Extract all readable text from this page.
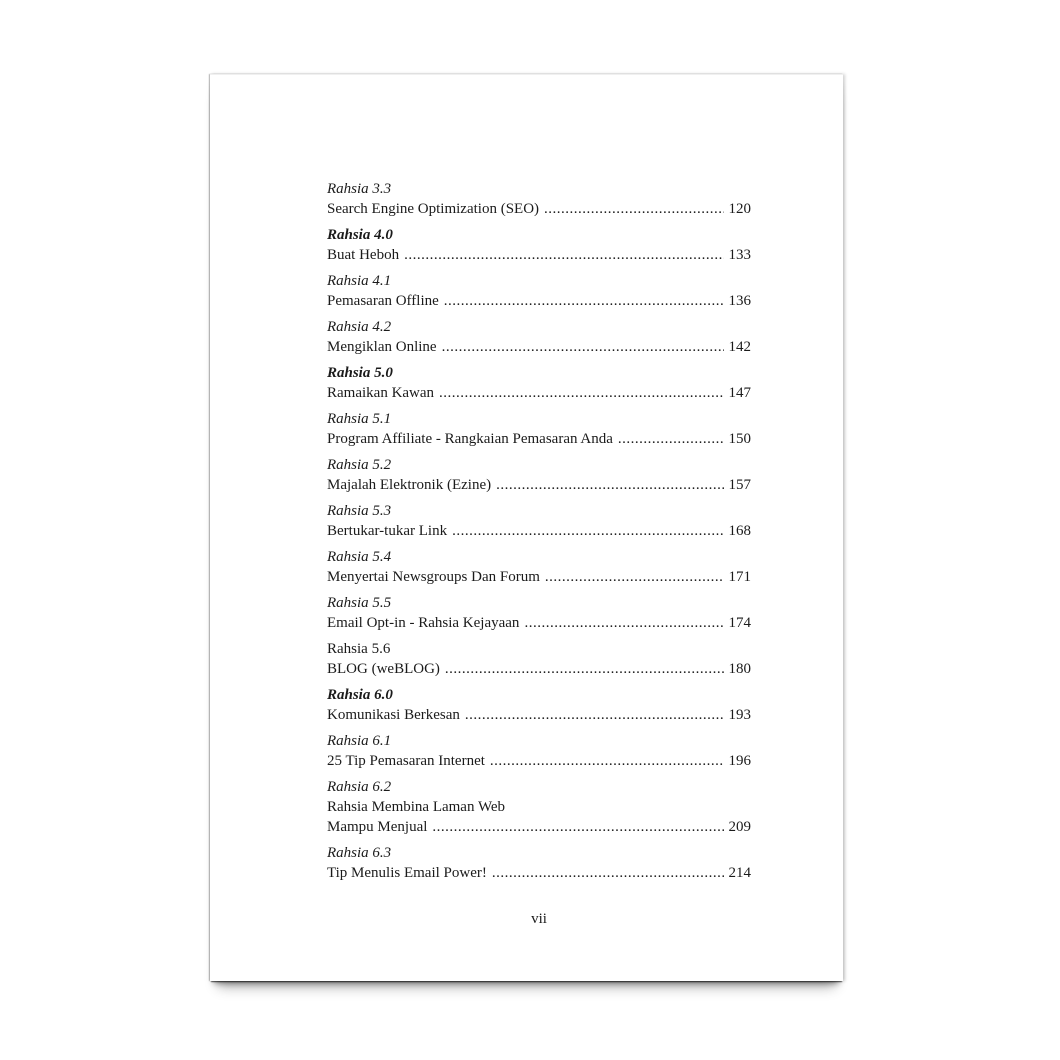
Rahsia 3.3
Search Engine Optimization (SEO) .....	120
Rahsia 4.0
Buat Heboh .....	133
Rahsia 4.1
Pemasaran Offline .....	136
Rahsia 4.2
Mengiklan Online .....	142
Rahsia 5.0
Ramaikan Kawan .....	147
Rahsia 5.1
Program Affiliate - Rangkaian Pemasaran Anda .....	150
Rahsia 5.2
Majalah Elektronik (Ezine) .....	157
Rahsia 5.3
Bertukar-tukar Link .....	168
Rahsia 5.4
Menyertai Newsgroups Dan Forum .....	171
Rahsia 5.5
Email Opt-in - Rahsia Kejayaan .....	174
Rahsia 5.6
BLOG (weBLOG) .....	180
Rahsia 6.0
Komunikasi Berkesan .....	193
Rahsia 6.1
25 Tip Pemasaran Internet .....	196
Rahsia 6.2
Rahsia Membina Laman Web
Mampu Menjual .....	209
Rahsia 6.3
Tip Menulis Email Power! .....	214
vii
